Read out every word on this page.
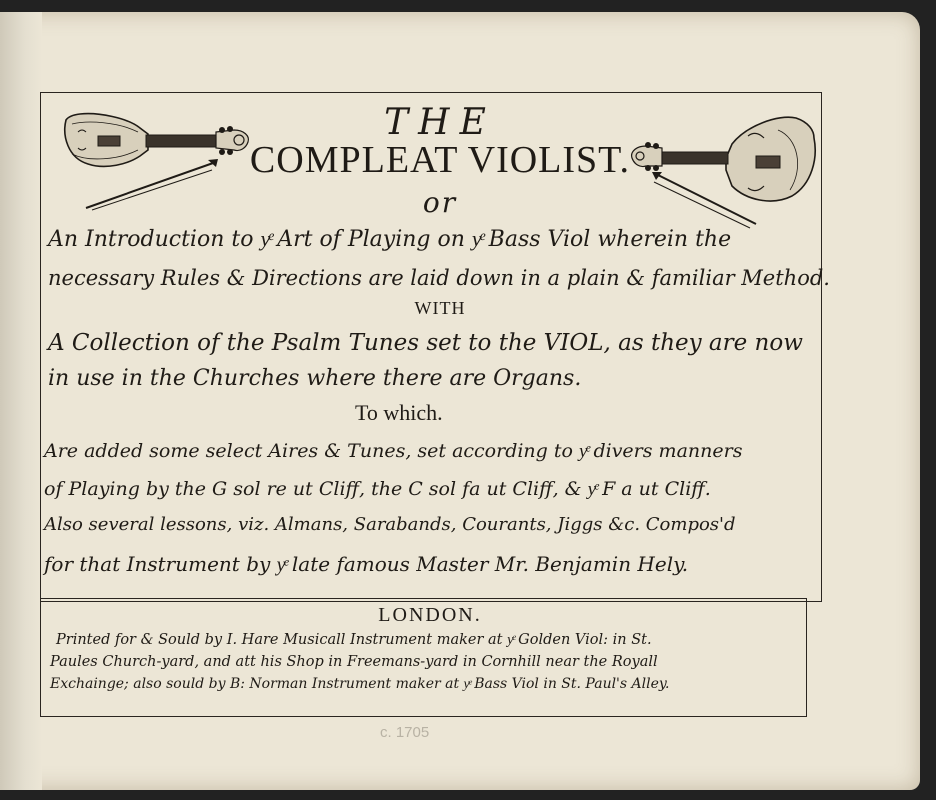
THE
COMPLEAT VIOLIST.
or
An Introduction to yͤ Art of Playing on yͤ Bass Viol wherein the
necessary Rules & Directions are laid down in a plain & familiar Method.
WITH
A Collection of the Psalm Tunes set to the VIOL, as they are now
in use in the Churches where there are Organs.
To which.
Are added some select Aires & Tunes, set according to yͤ divers manners
of Playing by the G sol re ut Cliff, the C sol fa ut Cliff, & yͤ F a ut Cliff.
Also several lessons, viz. Almans, Sarabands, Courants, Jiggs &c. Compos'd
for that Instrument by yͤ late famous Master Mr. Benjamin Hely.
LONDON.
Printed for & Sould by I. Hare Musicall Instrument maker at yͤ Golden Viol: in St.
Paules Church-yard, and att his Shop in Freemans-yard in Cornhill near the Royall
Exchainge; also sould by B: Norman Instrument maker at yͤ Bass Viol in St. Paul's Alley.
c. 1705
